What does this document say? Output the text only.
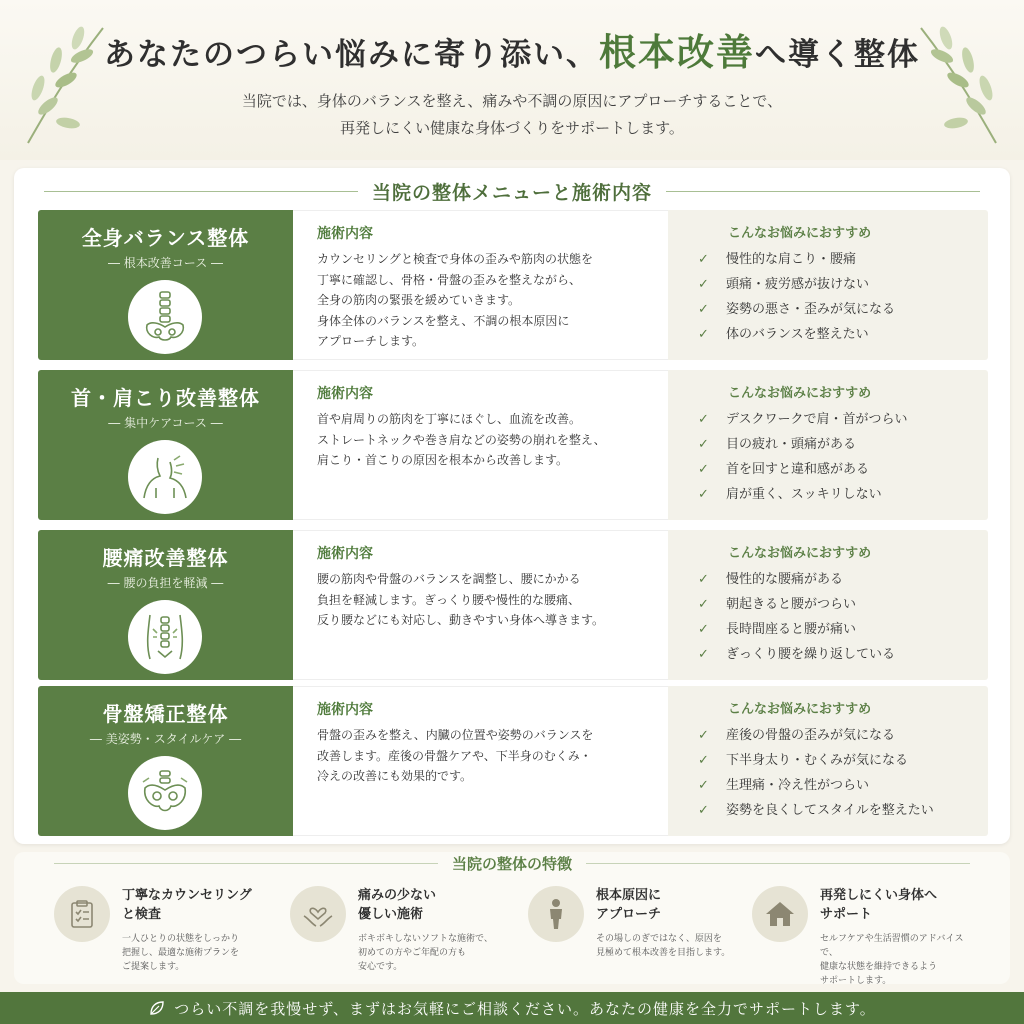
あなたのつらい悩みに寄り添い、根本改善へ導く整体
当院では、身体のバランスを整え、痛みや不調の原因にアプローチすることで、
再発しにくい健康な身体づくりをサポートします。
当院の整体メニューと施術内容
全身バランス整体
― 根本改善コース ―
施術内容
カウンセリングと検査で身体の歪みや筋肉の状態を
丁寧に確認し、骨格・骨盤の歪みを整えながら、
全身の筋肉の緊張を緩めていきます。
身体全体のバランスを整え、不調の根本原因に
アプローチします。
こんなお悩みにおすすめ
✓	慢性的な肩こり・腰痛
✓	頭痛・疲労感が抜けない
✓	姿勢の悪さ・歪みが気になる
✓	体のバランスを整えたい
首・肩こり改善整体
― 集中ケアコース ―
施術内容
首や肩周りの筋肉を丁寧にほぐし、血流を改善。
ストレートネックや巻き肩などの姿勢の崩れを整え、
肩こり・首こりの原因を根本から改善します。
こんなお悩みにおすすめ
✓	デスクワークで肩・首がつらい
✓	目の疲れ・頭痛がある
✓	首を回すと違和感がある
✓	肩が重く、スッキリしない
腰痛改善整体
― 腰の負担を軽減 ―
施術内容
腰の筋肉や骨盤のバランスを調整し、腰にかかる
負担を軽減します。ぎっくり腰や慢性的な腰痛、
反り腰などにも対応し、動きやすい身体へ導きます。
こんなお悩みにおすすめ
✓	慢性的な腰痛がある
✓	朝起きると腰がつらい
✓	長時間座ると腰が痛い
✓	ぎっくり腰を繰り返している
骨盤矯正整体
― 美姿勢・スタイルケア ―
施術内容
骨盤の歪みを整え、内臓の位置や姿勢のバランスを
改善します。産後の骨盤ケアや、下半身のむくみ・
冷えの改善にも効果的です。
こんなお悩みにおすすめ
✓	産後の骨盤の歪みが気になる
✓	下半身太り・むくみが気になる
✓	生理痛・冷え性がつらい
✓	姿勢を良くしてスタイルを整えたい
当院の整体の特徴
丁寧なカウンセリング
と検査
一人ひとりの状態をしっかり
把握し、最適な施術プランを
ご提案します。
痛みの少ない
優しい施術
ボキボキしないソフトな施術で、
初めての方やご年配の方も
安心です。
根本原因に
アプローチ
その場しのぎではなく、原因を
見極めて根本改善を目指します。
再発しにくい身体へ
サポート
セルフケアや生活習慣のアドバイスで、
健康な状態を維持できるよう
サポートします。
つらい不調を我慢せず、まずはお気軽にご相談ください。あなたの健康を全力でサポートします。
